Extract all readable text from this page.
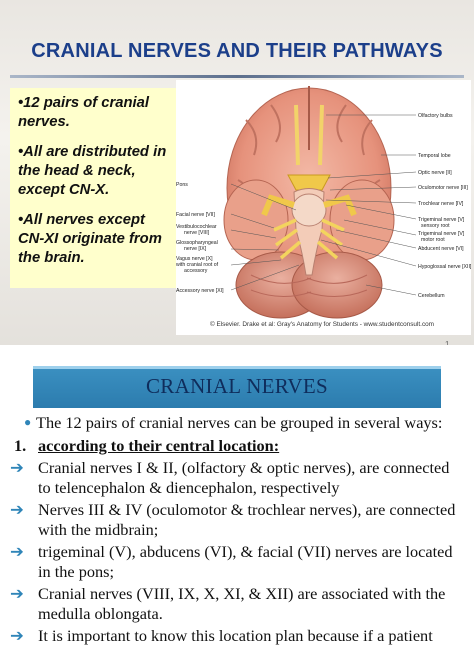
CRANIAL NERVES AND THEIR PATHWAYS

•12 pairs of cranial nerves.

•All are distributed in the head & neck, except CN-X.

•All nerves except CN-XI originate from the brain.

Olfactory bulbs
Temporal lobe
Optic nerve [II]
Oculomotor nerve [III]
Trochlear nerve [IV]
Trigeminal nerve [V]
sensory root
Trigeminal nerve [V]
motor root
Abducent nerve [VI]
Hypoglossal nerve [XII]
Cerebellum
Pons
Facial nerve [VII]
Vestibulocochlear
nerve [VIII]
Glossopharyngeal
nerve [IX]
Vagus nerve [X]
with cranial root of
accessory
Accessory nerve [XI]
© Elsevier. Drake et al: Gray's Anatomy for Students - www.studentconsult.com
CRANIAL NERVES
● The 12 pairs of cranial nerves can be grouped in several ways:
1. according to their central location:
➔ Cranial nerves I & II, (olfactory & optic nerves), are connected to telencephalon & diencephalon, respectively
➔ Nerves III & IV (oculomotor & trochlear nerves), are connected with the midbrain;
➔ trigeminal (V), abducens (VI), & facial (VII) nerves are located in the pons;
➔ Cranial nerves (VIII, IX, X, XI, & XII) are associated with the medulla oblongata.
➔ It is important to know this location plan because if a patient
